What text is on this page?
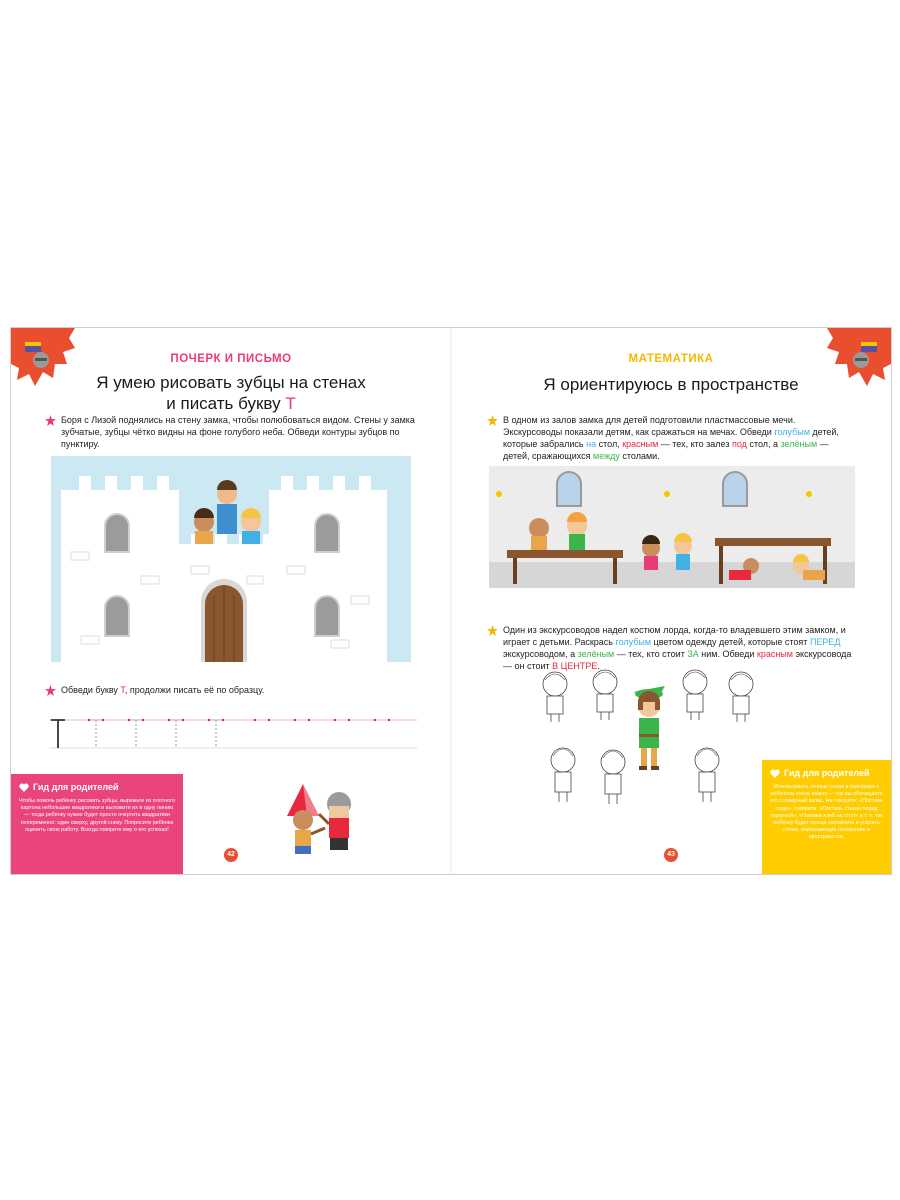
ПОЧЕРК И ПИСЬМО
Я умею рисовать зубцы на стенах
и писать букву Т
Боря с Лизой поднялись на стену замка, чтобы полюбоваться видом. Стены у замка зубчатые, зубцы чётко видны на фоне голубого неба. Обведи контуры зубцов по пунктиру.
Обведи букву Т, продолжи писать её по образцу.
Гид для родителей
Чтобы помочь ребёнку рисовать зубцы, вырежьте из плотного картона небольшие квадратики и выложите их в одну линию — тогда ребёнку нужно будет просто очертить квадратики попеременно: один сверху, другой снизу. Попросите ребёнка оценить свою работу. Всегда говорите ему о его успехах!
42
МАТЕМАТИКА
Я ориентируюсь в пространстве
В одном из залов замка для детей подготовили пластмассовые мечи. Экскурсоводы показали детям, как сражаться на мечах. Обведи голубым детей, которые забрались на стол, красным — тех, кто залез под стол, а зелёным — детей, сражающихся между столами.
Один из экскурсоводов надел костюм лорда, когда-то владевшего этим замком, и играет с детьми. Раскрась голубым цветом одежду детей, которые стоят ПЕРЕД экскурсоводом, а зелёным — тех, кто стоит ЗА ним. Обведи красным экскурсовода — он стоит В ЦЕНТРЕ.
Гид для родителей
Использовать точные слова в разговоре с ребёнком очень важно — так вы обогащаете его словарный запас. Не говорите: «Поставь сюда», говорите: «Поставь стакан перед тарелкой», «Положи хлеб на стол» и т. п. так ребёнку будет проще запомнить и усвоить слова, описывающие положение в пространстве.
43
